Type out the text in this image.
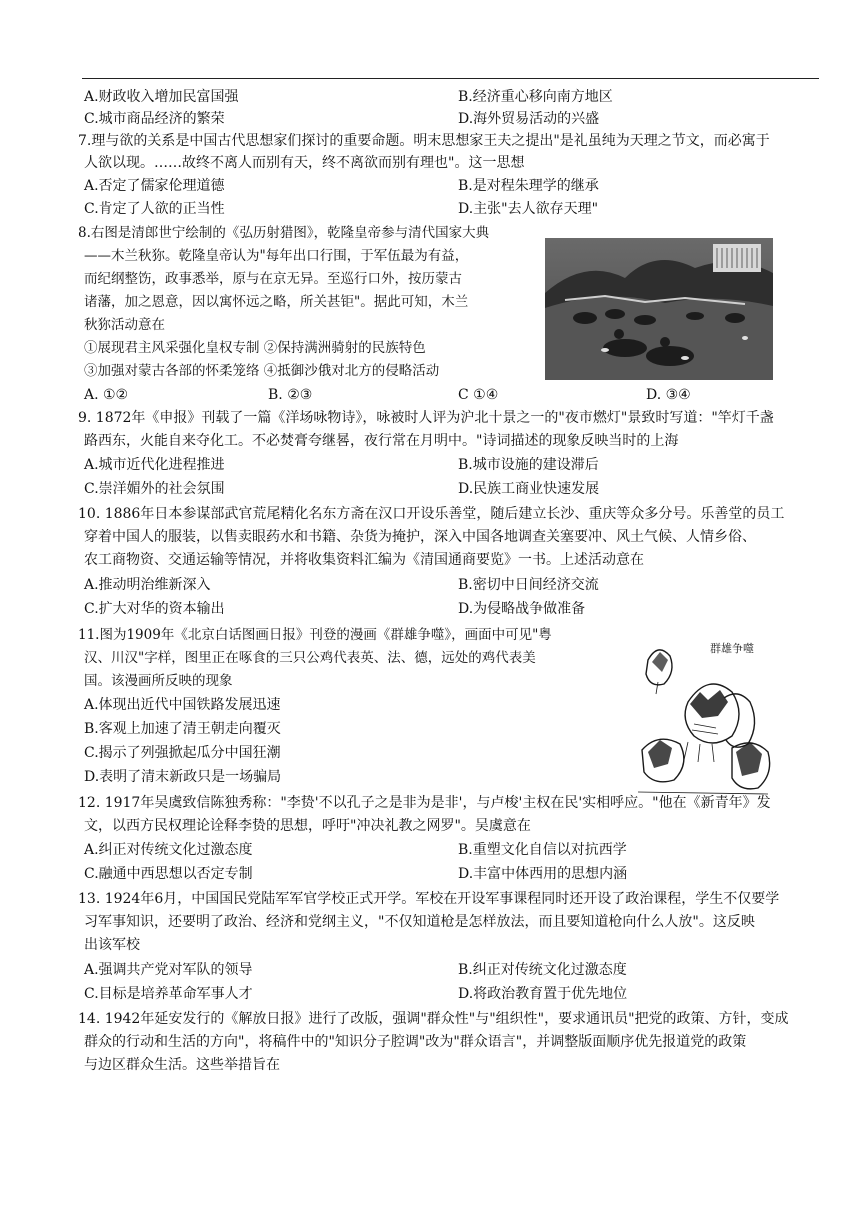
A.财政收入增加民富国强	B.经济重心移向南方地区
C.城市商品经济的繁荣	D.海外贸易活动的兴盛
7.理与欲的关系是中国古代思想家们探讨的重要命题。明末思想家王夫之提出"是礼虽纯为天理之节文，而必寓于
人欲以现。……故终不离人而别有天，终不离欲而别有理也"。这一思想
A.否定了儒家伦理道德	B.是对程朱理学的继承
C.肯定了人欲的正当性	D.主张"去人欲存天理"
8.右图是清郎世宁绘制的《弘历射猎图》，乾隆皇帝参与清代国家大典
——木兰秋狝。乾隆皇帝认为"每年出口行围，于军伍最为有益，
而纪纲整饬，政事悉举，原与在京无异。至巡行口外，按历蒙古
诸藩，加之恩意，因以寓怀远之略，所关甚钜"。据此可知，木兰
秋狝活动意在
①展现君主风采强化皇权专制 ②保持满洲骑射的民族特色
③加强对蒙古各部的怀柔笼络 ④抵御沙俄对北方的侵略活动
A. ①②	B. ②③	C ①④	D. ③④
9. 1872年《申报》刊载了一篇《洋场咏物诗》，咏被时人评为沪北十景之一的"夜市燃灯"景致时写道："竿灯千盏
路西东，火能自来夺化工。不必焚膏夸继晷，夜行常在月明中。"诗词描述的现象反映当时的上海
A.城市近代化进程推进	B.城市设施的建设滞后
C.崇洋媚外的社会氛围	D.民族工商业快速发展
10. 1886年日本参谋部武官荒尾精化名东方斋在汉口开设乐善堂，随后建立长沙、重庆等众多分号。乐善堂的员工
穿着中国人的服装，以售卖眼药水和书籍、杂货为掩护，深入中国各地调查关塞要冲、风土气候、人情乡俗、
农工商物资、交通运输等情况，并将收集资料汇编为《清国通商要览》一书。上述活动意在
A.推动明治维新深入	B.密切中日间经济交流
C.扩大对华的资本输出	D.为侵略战争做准备
11.图为1909年《北京白话图画日报》刊登的漫画《群雄争噬》，画面中可见"粤
汉、川汉"字样，图里正在啄食的三只公鸡代表英、法、德，远处的鸡代表美
国。该漫画所反映的现象
A.体现出近代中国铁路发展迅速
B.客观上加速了清王朝走向覆灭
C.揭示了列强掀起瓜分中国狂潮
D.表明了清末新政只是一场骗局
群雄争噬
12. 1917年吴虞致信陈独秀称："李贽'不以孔子之是非为是非'，与卢梭'主权在民'实相呼应。"他在《新青年》发
文，以西方民权理论诠释李贽的思想，呼吁"冲决礼教之网罗"。吴虞意在
A.纠正对传统文化过激态度	B.重塑文化自信以对抗西学
C.融通中西思想以否定专制	D.丰富中体西用的思想内涵
13. 1924年6月，中国国民党陆军军官学校正式开学。军校在开设军事课程同时还开设了政治课程，学生不仅要学
习军事知识，还要明了政治、经济和党纲主义，"不仅知道枪是怎样放法，而且要知道枪向什么人放"。这反映
出该军校
A.强调共产党对军队的领导	B.纠正对传统文化过激态度
C.目标是培养革命军事人才	D.将政治教育置于优先地位
14. 1942年延安发行的《解放日报》进行了改版，强调"群众性"与"组织性"，要求通讯员"把党的政策、方针，变成
群众的行动和生活的方向"，将稿件中的"知识分子腔调"改为"群众语言"，并调整版面顺序优先报道党的政策
与边区群众生活。这些举措旨在
